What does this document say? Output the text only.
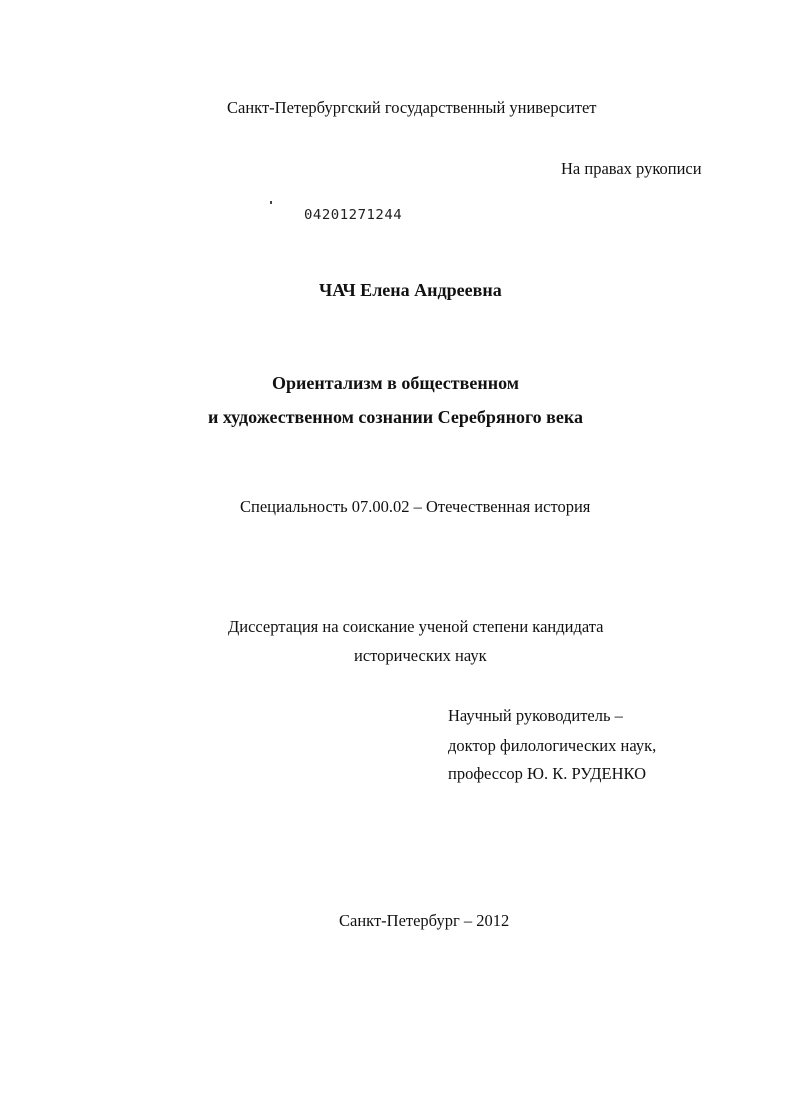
Санкт-Петербургский государственный университет
На правах рукописи
04201271244
ЧАЧ Елена Андреевна
Ориентализм в общественном
и художественном сознании Серебряного века
Специальность 07.00.02 – Отечественная история
Диссертация на соискание ученой степени кандидата
исторических наук
Научный руководитель –
доктор филологических наук,
профессор Ю. К. РУДЕНКО
Санкт-Петербург – 2012
